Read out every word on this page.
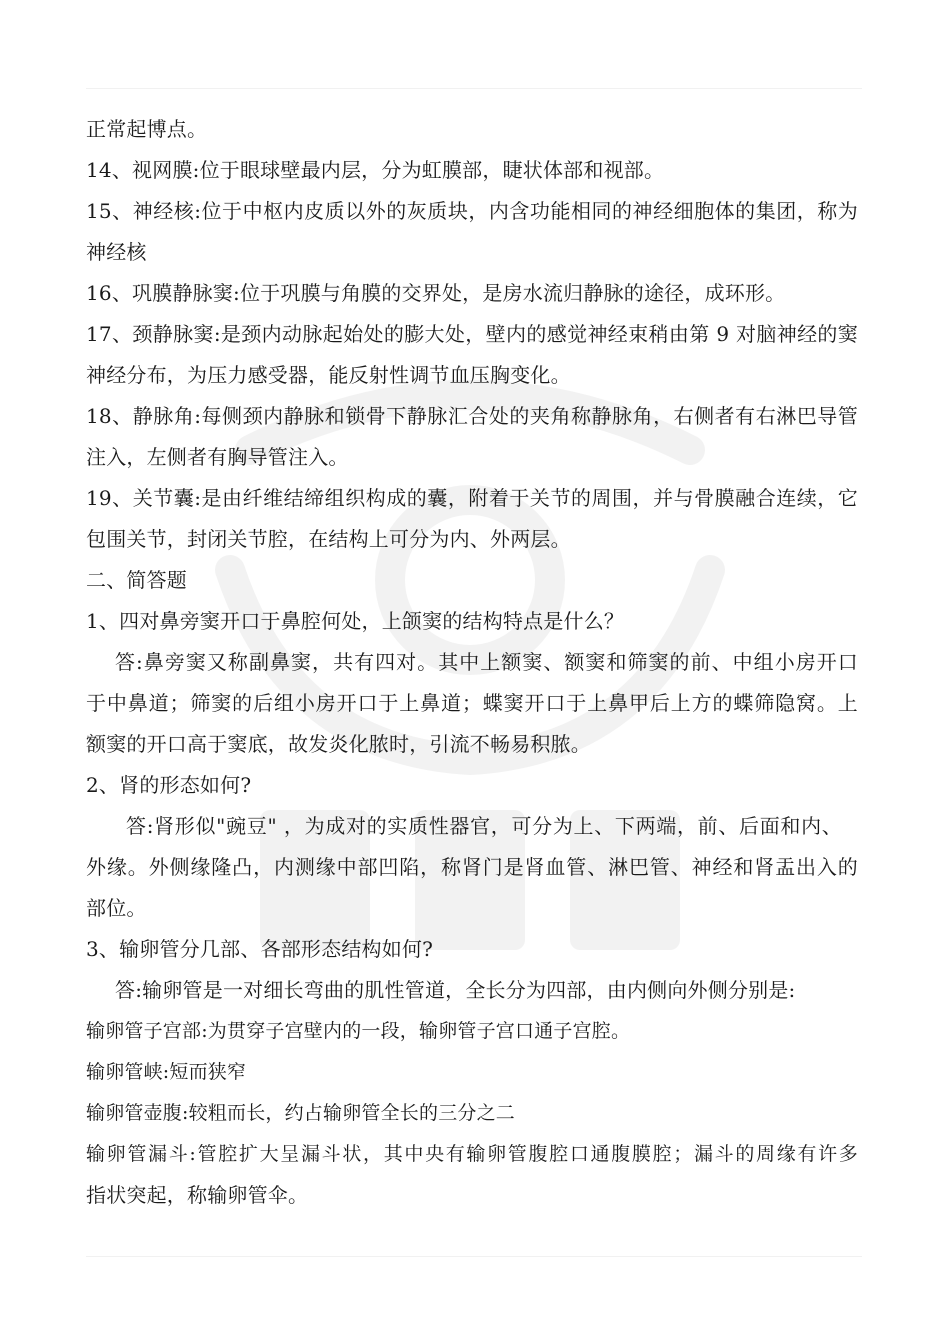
正常起博点。
14、视网膜:位于眼球壁最内层，分为虹膜部，睫状体部和视部。
15、神经核:位于中枢内皮质以外的灰质块，内含功能相同的神经细胞体的集团，称为
神经核
16、巩膜静脉窦:位于巩膜与角膜的交界处，是房水流归静脉的途径，成环形。
17、颈静脉窦:是颈内动脉起始处的膨大处，壁内的感觉神经束稍由第 9 对脑神经的窦
神经分布，为压力感受器，能反射性调节血压胸变化。
18、静脉角:每侧颈内静脉和锁骨下静脉汇合处的夹角称静脉角，右侧者有右淋巴导管
注入，左侧者有胸导管注入。
19、关节囊:是由纤维结缔组织构成的囊，附着于关节的周围，并与骨膜融合连续，它
包围关节，封闭关节腔，在结构上可分为内、外两层。
二、简答题
1、四对鼻旁窦开口于鼻腔何处，上颌窦的结构特点是什么？
答:鼻旁窦又称副鼻窦，共有四对。其中上额窦、额窦和筛窦的前、中组小房开口
于中鼻道；筛窦的后组小房开口于上鼻道；蝶窦开口于上鼻甲后上方的蝶筛隐窝。上
额窦的开口高于窦底，故发炎化脓时，引流不畅易积脓。
2、肾的形态如何?
答:肾形似"豌豆" ，为成对的实质性器官，可分为上、下两端，前、后面和内、
外缘。外侧缘隆凸，内测缘中部凹陷，称肾门是肾血管、淋巴管、神经和肾盂出入的
部位。
3、输卵管分几部、各部形态结构如何?
答:输卵管是一对细长弯曲的肌性管道，全长分为四部，由内侧向外侧分别是:
输卵管子宫部:为贯穿子宫壁内的一段，输卵管子宫口通子宫腔。
输卵管峡:短而狭窄
输卵管壶腹:较粗而长，约占输卵管全长的三分之二
输卵管漏斗:管腔扩大呈漏斗状，其中央有输卵管腹腔口通腹膜腔；漏斗的周缘有许多
指状突起，称输卵管伞。
